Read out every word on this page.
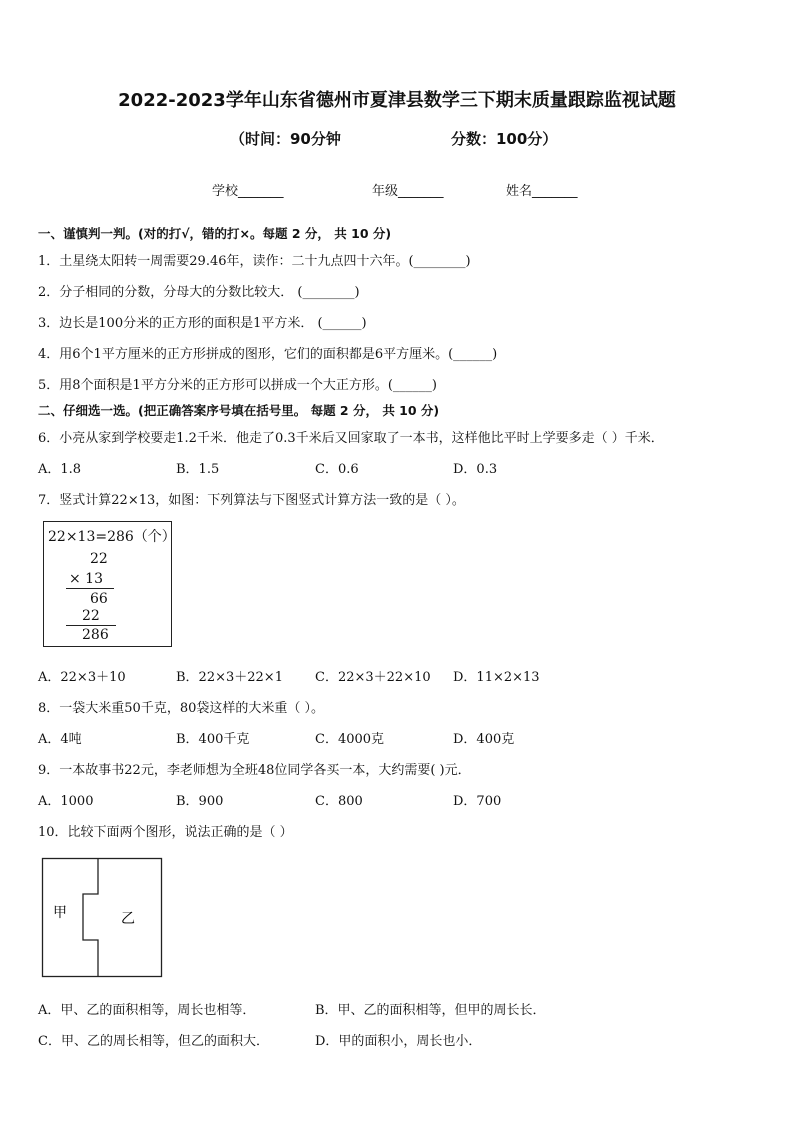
2022-2023学年山东省德州市夏津县数学三下期末质量跟踪监视试题
（时间：90分钟	分数：100分）
学校_______	年级_______	姓名_______
一、谨慎判一判。(对的打√，错的打×。每题 2 分， 共 10 分)
1．土星绕太阳转一周需要29.46年，读作：二十九点四十六年。(________)
2．分子相同的分数，分母大的分数比较大． (________)
3．边长是100分米的正方形的面积是1平方米． (______)
4．用6个1平方厘米的正方形拼成的图形，它们的面积都是6平方厘米。(______)
5．用8个面积是1平方分米的正方形可以拼成一个大正方形。(______)
二、仔细选一选。(把正确答案序号填在括号里。 每题 2 分， 共 10 分)
6．小亮从家到学校要走1.2千米．他走了0.3千米后又回家取了一本书，这样他比平时上学要多走（ ）千米．
A．1.8	B．1.5	C．0.6	D．0.3
7．竖式计算22×13，如图：下列算法与下图竖式计算方法一致的是（ ）。
22×13=286（个）
22
× 13
66
22
286
A．22×3＋10	B．22×3＋22×1 C．22×3＋22×10 D．11×2×13
8．一袋大米重50千克，80袋这样的大米重（ ）。
A．4吨	B．400千克	C．4000克	D．400克
9．一本故事书22元，李老师想为全班48位同学各买一本，大约需要( )元．
A．1000	B．900	C．800	D．700
10．比较下面两个图形，说法正确的是（ ）
甲	乙
A．甲、乙的面积相等，周长也相等．	B．甲、乙的面积相等，但甲的周长长．
C．甲、乙的周长相等，但乙的面积大．	D．甲的面积小，周长也小．
